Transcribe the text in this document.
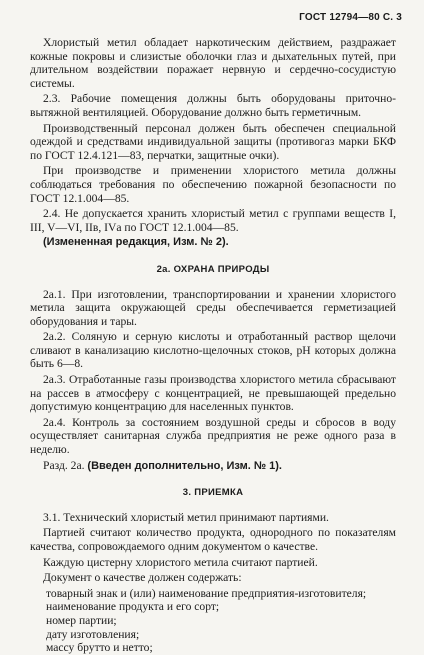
ГОСТ 12794—80 С. 3

Хлористый метил обладает наркотическим действием, раздражает кожные покровы и слизистые оболочки глаз и дыхательных путей, при длительном воздействии поражает нервную и сердечно-сосудистую системы.

2.3. Рабочие помещения должны быть оборудованы приточно-вытяжной вентиляцией. Оборудование должно быть герметичным.

Производственный персонал должен быть обеспечен специальной одеждой и средствами индивидуальной защиты (противогаз марки БКФ по ГОСТ 12.4.121—83, перчатки, защитные очки).

При производстве и применении хлористого метила должны соблюдаться требования по обеспечению пожарной безопасности по ГОСТ 12.1.004—85.

2.4. Не допускается хранить хлористый метил с группами веществ I, III, V—VI, IIв, IVа по ГОСТ 12.1.004—85.

(Измененная редакция, Изм. № 2).

2а. ОХРАНА ПРИРОДЫ

2а.1. При изготовлении, транспортировании и хранении хлористого метила защита окружающей среды обеспечивается герметизацией оборудования и тары.

2а.2. Соляную и серную кислоты и отработанный раствор щелочи сливают в канализацию кислотно-щелочных стоков, pH которых должна быть 6—8.

2а.3. Отработанные газы производства хлористого метила сбрасывают на рассев в атмосферу с концентрацией, не превышающей предельно допустимую концентрацию для населенных пунктов.

2а.4. Контроль за состоянием воздушной среды и сбросов в воду осуществляет санитарная служба предприятия не реже одного раза в неделю.

Разд. 2а. (Введен дополнительно, Изм. № 1).

3. ПРИЕМКА

3.1. Технический хлористый метил принимают партиями.

Партией считают количество продукта, однородного по показателям качества, сопровождаемого одним документом о качестве.

Каждую цистерну хлористого метила считают партией.

Документ о качестве должен содержать:

товарный знак и (или) наименование предприятия-изготовителя;

наименование продукта и его сорт;

номер партии;

дату изготовления;

массу брутто и нетто;
